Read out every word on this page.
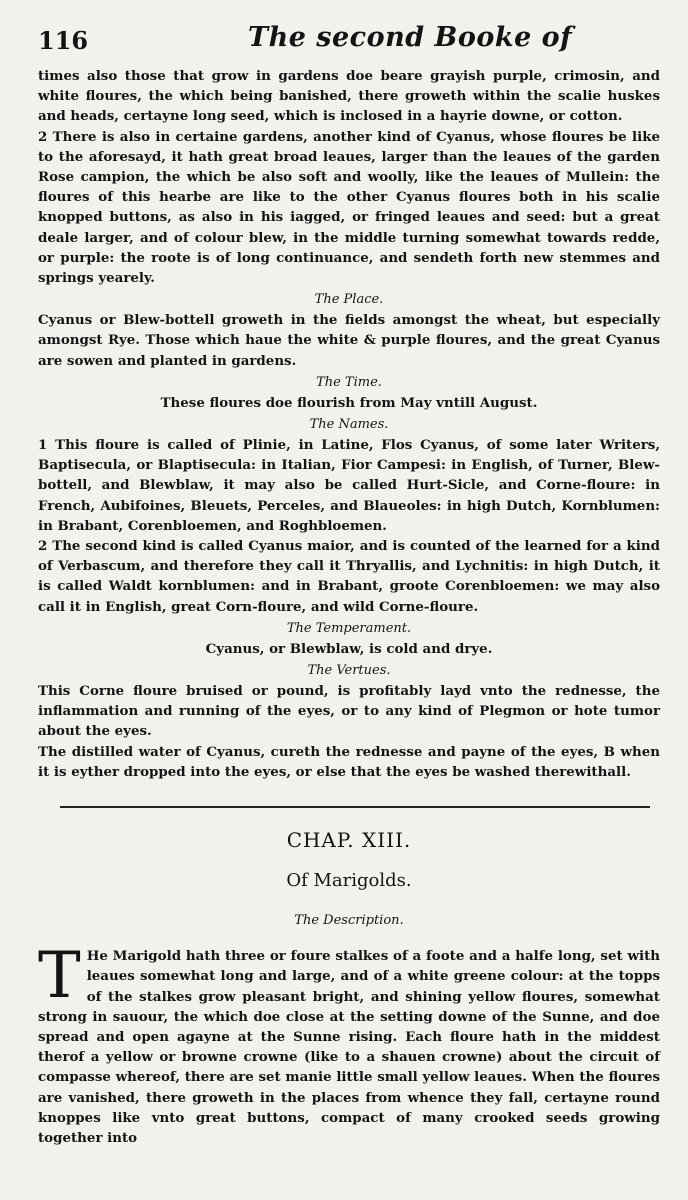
116	The second Booke of

times also those that grow in gardens doe beare grayish purple, crimosin, and white floures, the which being banished, there groweth within the scalie huskes and heads, certayne long seed, which is inclosed in a hayrie downe, or cotton.

2 There is also in certaine gardens, another kind of Cyanus, whose floures be like to the aforesayd, it hath great broad leaues, larger than the leaues of the garden Rose campion, the which be also soft and woolly, like the leaues of Mullein: the floures of this hearbe are like to the other Cyanus floures both in his scalie knopped buttons, as also in his iagged, or fringed leaues and seed: but a great deale larger, and of colour blew, in the middle turning somewhat towards redde, or purple: the roote is of long continuance, and sendeth forth new stemmes and springs yearely.

The Place.

Cyanus or Blew-bottell groweth in the fields amongst the wheat, but especially amongst Rye. Those which haue the white & purple floures, and the great Cyanus are sowen and planted in gardens.

The Time.

These floures doe flourish from May vntill August.

The Names.

1 This floure is called of Plinie, in Latine, Flos Cyanus, of some later Writers, Baptisecula, or Blaptisecula: in Italian, Fior Campesi: in English, of Turner, Blew-bottell, and Blewblaw, it may also be called Hurt-Sicle, and Corne-floure: in French, Aubifoines, Bleuets, Perceles, and Blaueoles: in high Dutch, Kornblumen: in Brabant, Corenbloemen, and Roghbloemen.

2 The second kind is called Cyanus maior, and is counted of the learned for a kind of Verbascum, and therefore they call it Thryallis, and Lychnitis: in high Dutch, it is called Waldt kornblumen: and in Brabant, groote Corenbloemen: we may also call it in English, great Corn-floure, and wild Corne-floure.

The Temperament.

Cyanus, or Blewblaw, is cold and drye.

The Vertues.

This Corne floure bruised or pound, is profitably layd vnto the rednesse, the inflammation and running of the eyes, or to any kind of Plegmon or hote tumor about the eyes.

The distilled water of Cyanus, cureth the rednesse and payne of the eyes, B when it is eyther dropped into the eyes, or else that the eyes be washed therewithall.

CHAP. XIII.
Of Marigolds.
The Description.
T He Marigold hath three or foure stalkes of a foote and a halfe long, set with leaues somewhat long and large, and of a white greene colour: at the topps of the stalkes grow pleasant bright, and shining yellow floures, somewhat strong in sauour, the which doe close at the setting downe of the Sunne, and doe spread and open agayne at the Sunne rising. Each floure hath in the middest therof a yellow or browne crowne (like to a shauen crowne) about the circuit of compasse whereof, there are set manie little small yellow leaues. When the floures are vanished, there groweth in the places from whence they fall, certayne round knoppes like vnto great buttons, compact of many crooked seeds growing together into
